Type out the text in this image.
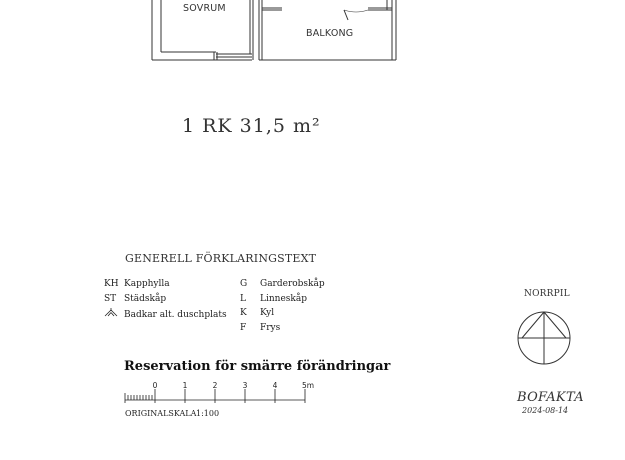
SOVRUM
BALKONG
1 RK 31,5 m²
GENERELL FÖRKLARINGSTEXT
KH Kapphylla
ST Städskåp
Badkar alt. duschplats
G Garderobskåp
L Linneskåp
K Kyl
F Frys
Reservation för smärre förändringar
0	1	2	3	4	5m
ORIGINALSKALA 1:100
NORRPIL
BOFAKTA
2024-08-14
